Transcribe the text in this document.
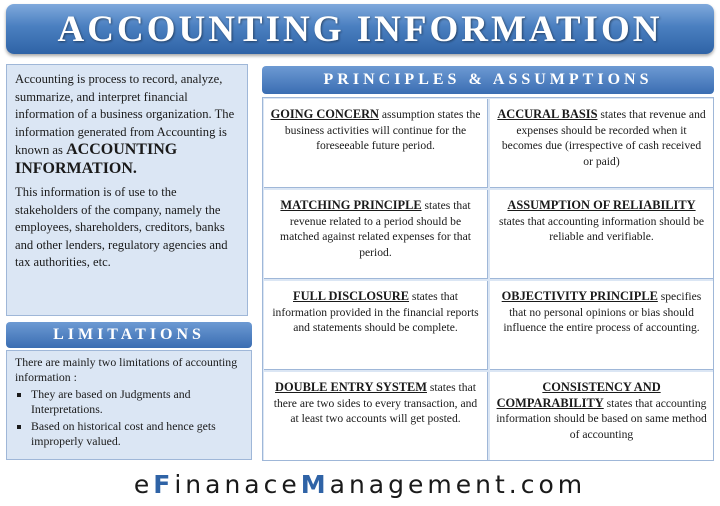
ACCOUNTING INFORMATION

Accounting is process to record, analyze, summarize, and interpret financial information of a business organization. The information generated from Accounting is known as ACCOUNTING INFORMATION.

This information is of use to the stakeholders of the company, namely the employees, shareholders, creditors, banks and other lenders, regulatory agencies and tax authorities, etc.

LIMITATIONS

There are mainly two limitations of accounting information :

▪ They are based on Judgments and Interpretations.
▪ Based on historical cost and hence gets improperly valued.
PRINCIPLES & ASSUMPTIONS
GOING CONCERN assumption states the business activities will continue for the foreseeable future period.
ACCURAL BASIS states that revenue and expenses should be recorded when it becomes due (irrespective of cash received or paid)
MATCHING PRINCIPLE states that revenue related to a period should be matched against related expenses for that period.
ASSUMPTION OF RELIABILITY states that accounting information should be reliable and verifiable.
FULL DISCLOSURE states that information provided in the financial reports and statements should be complete.
OBJECTIVITY PRINCIPLE specifies that no personal opinions or bias should influence the entire process of accounting.
DOUBLE ENTRY SYSTEM states that there are two sides to every transaction, and at least two accounts will get posted.
CONSISTENCY AND COMPARABILITY states that accounting information should be based on same method of accounting
eFinanaceManagement.com
